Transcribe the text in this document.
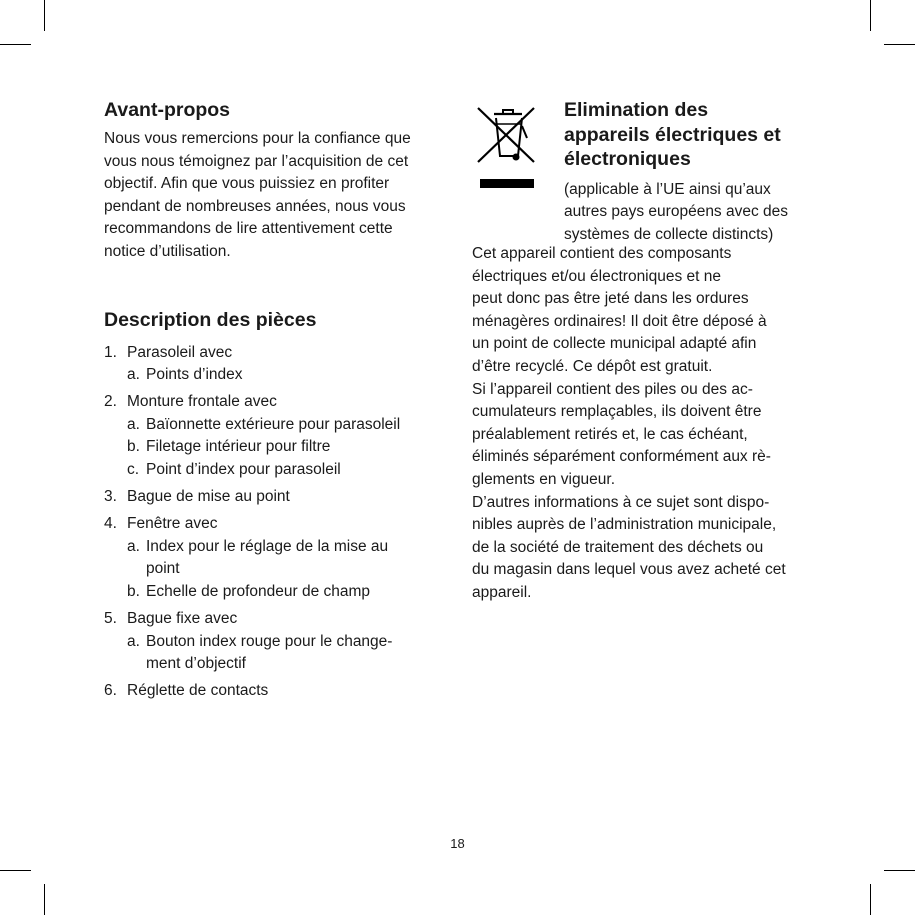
Avant-propos

Nous vous remercions pour la confiance que
vous nous témoignez par l’acquisition de cet
objectif. Afin que vous puissiez en profiter
pendant de nombreuses années, nous vous
recommandons de lire attentivement cette
notice d’utilisation.

Description des pièces
1. Parasoleil avec
a. Points d’index
2. Monture frontale avec
a. Baïonnette extérieure pour parasoleil
b. Filetage intérieur pour filtre
c. Point d’index pour parasoleil
3. Bague de mise au point
4. Fenêtre avec
a. Index pour le réglage de la mise au
point
b. Echelle de profondeur de champ
5. Bague fixe avec
a. Bouton index rouge pour le change-
ment d’objectif
6. Réglette de contacts
Elimination des
appareils électriques et
électroniques

(applicable à l’UE ainsi qu’aux
autres pays européens avec des
systèmes de collecte distincts)

Cet appareil contient des composants
électriques et/ou électroniques et ne
peut donc pas être jeté dans les ordures
ménagères ordinaires! Il doit être déposé à
un point de collecte municipal adapté afin
d’être recyclé. Ce dépôt est gratuit.

Si l’appareil contient des piles ou des ac-
cumulateurs remplaçables, ils doivent être
préalablement retirés et, le cas échéant,
éliminés séparément conformément aux rè-
glements en vigueur.

D’autres informations à ce sujet sont dispo-
nibles auprès de l’administration municipale,
de la société de traitement des déchets ou
du magasin dans lequel vous avez acheté cet
appareil.

18
